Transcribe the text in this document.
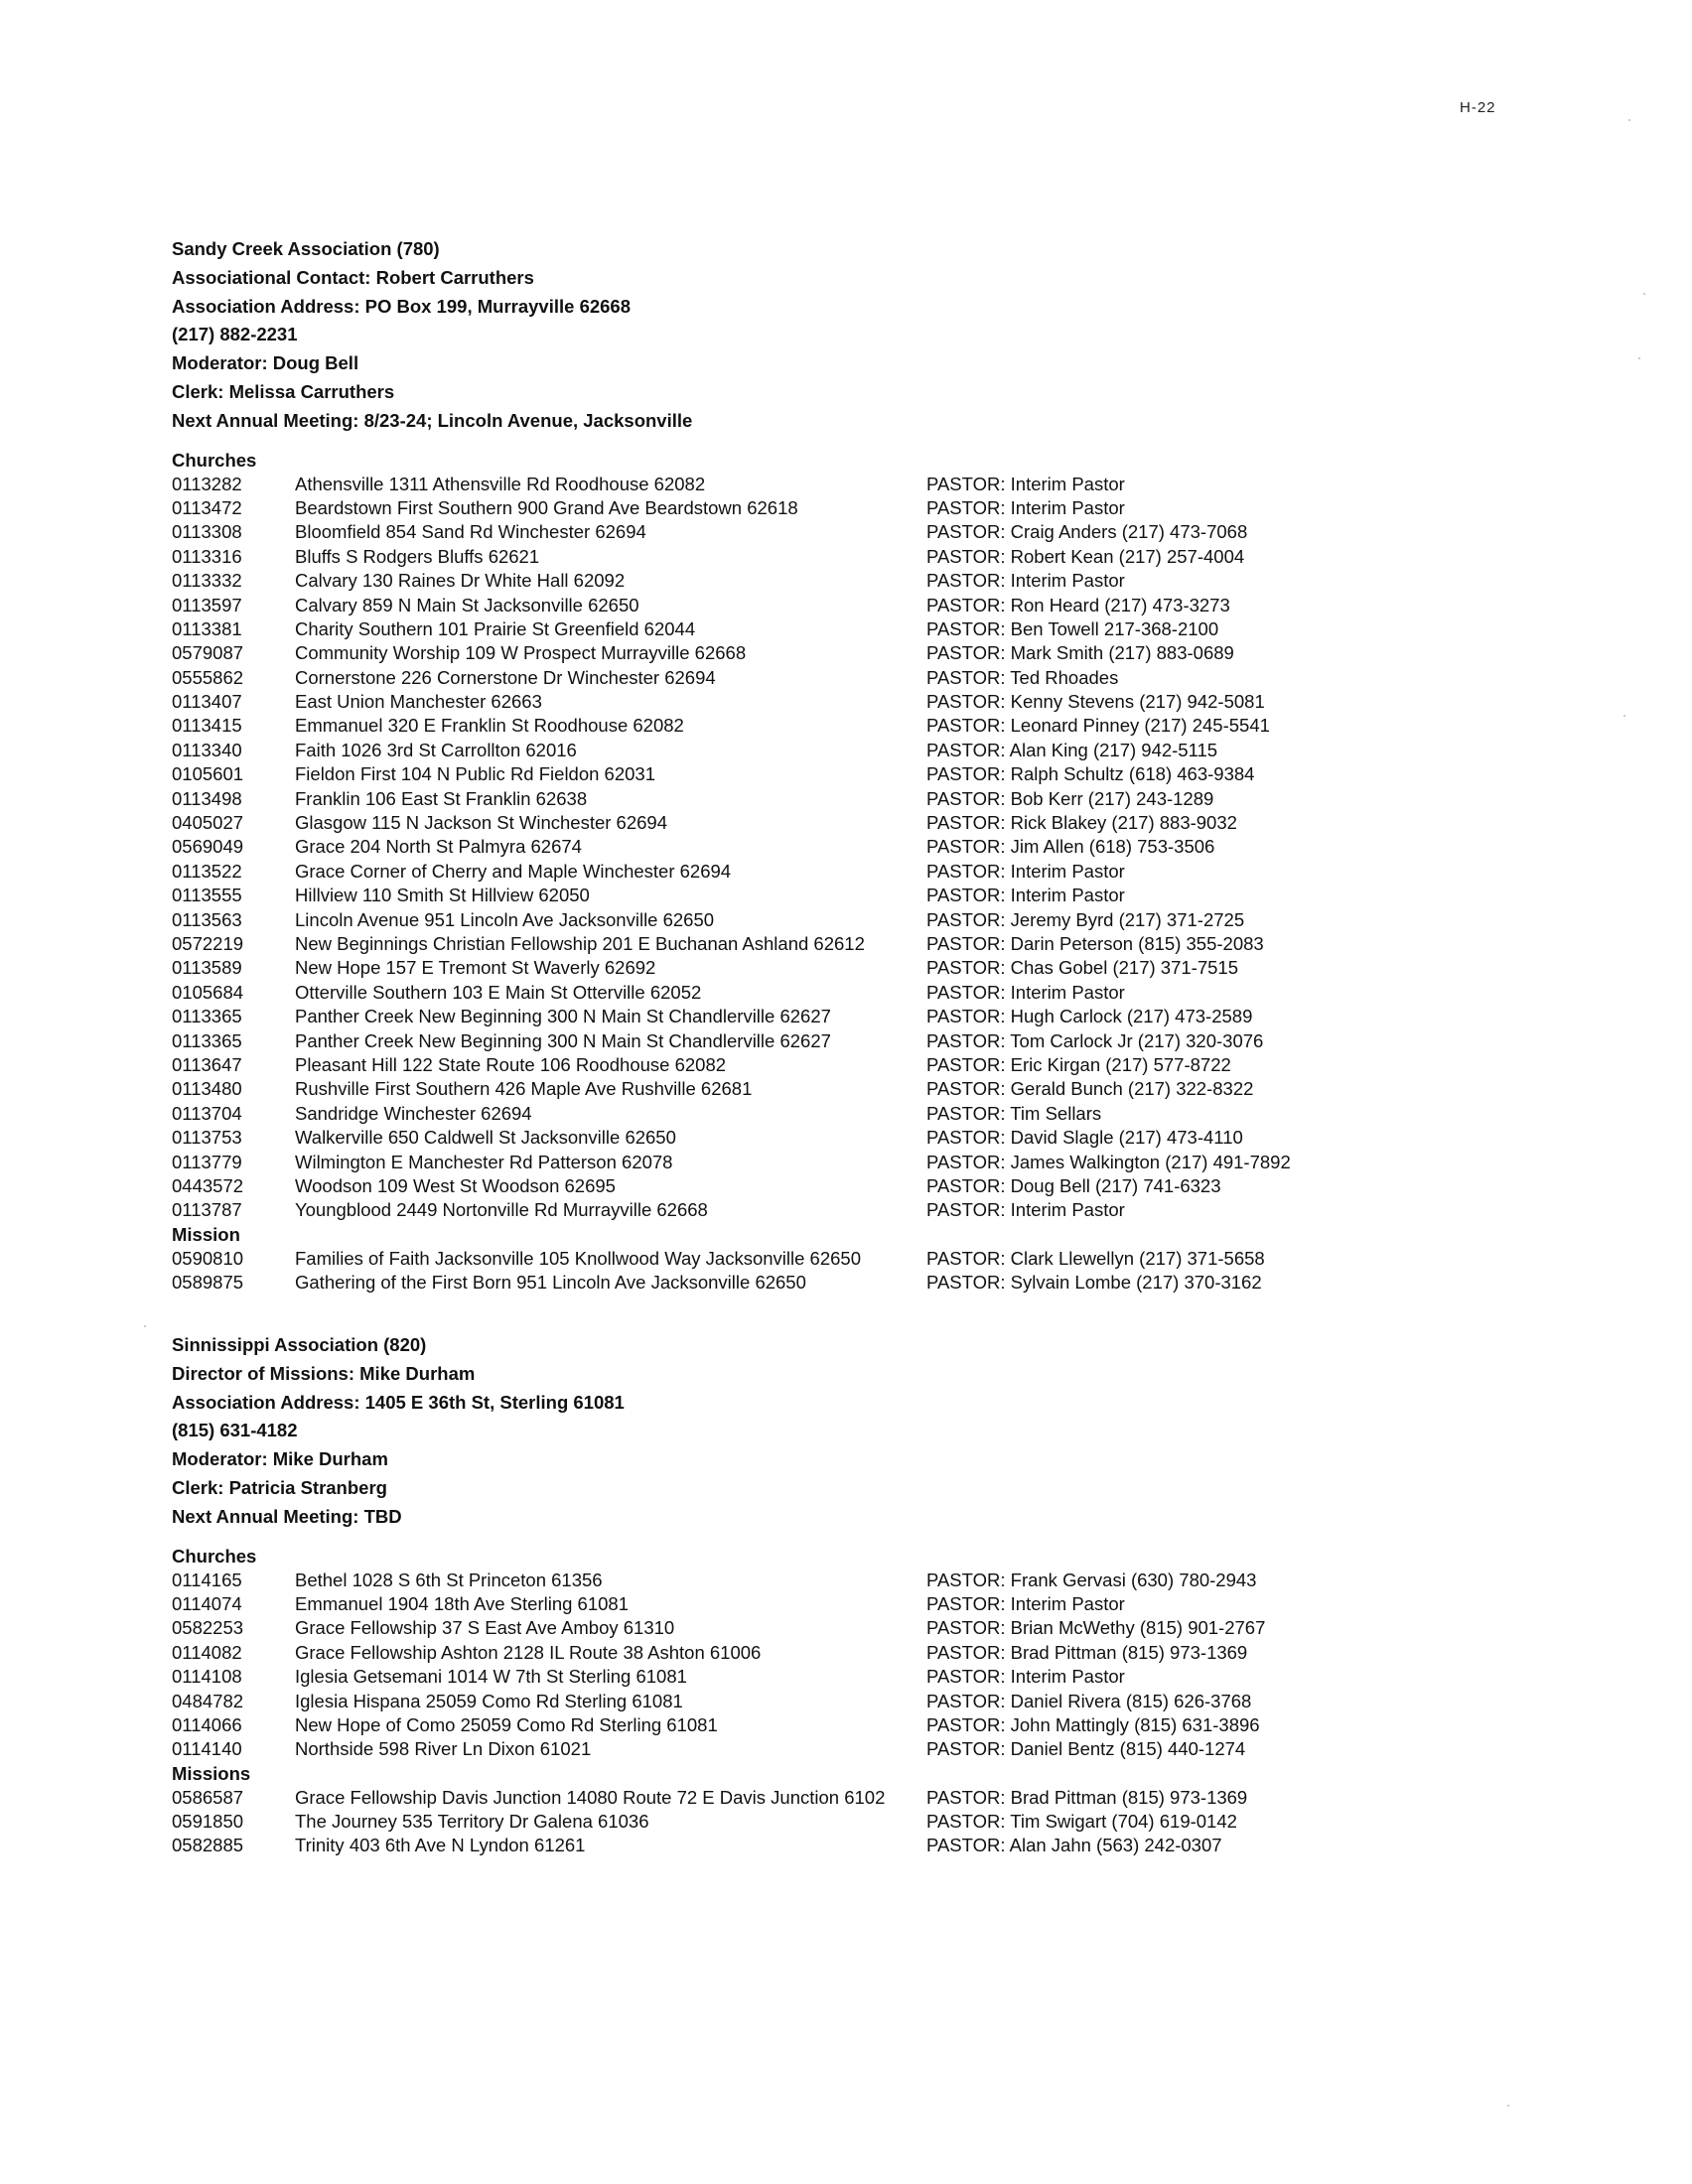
H-22
Sandy Creek Association (780)
Associational Contact: Robert Carruthers
Association Address: PO Box 199, Murrayville 62668
(217) 882-2231
Moderator: Doug Bell
Clerk: Melissa Carruthers
Next Annual Meeting: 8/23-24; Lincoln Avenue, Jacksonville
Churches
0113282	Athensville 1311 Athensville Rd Roodhouse 62082	PASTOR: Interim Pastor
0113472	Beardstown First Southern 900 Grand Ave Beardstown 62618	PASTOR: Interim Pastor
0113308	Bloomfield 854 Sand Rd Winchester 62694	PASTOR: Craig Anders (217) 473-7068
0113316	Bluffs S Rodgers Bluffs 62621	PASTOR: Robert Kean (217) 257-4004
0113332	Calvary 130 Raines Dr White Hall 62092	PASTOR: Interim Pastor
0113597	Calvary 859 N Main St Jacksonville 62650	PASTOR: Ron Heard (217) 473-3273
0113381	Charity Southern 101 Prairie St Greenfield 62044	PASTOR: Ben Towell 217-368-2100
0579087	Community Worship 109 W Prospect Murrayville 62668	PASTOR: Mark Smith (217) 883-0689
0555862	Cornerstone 226 Cornerstone Dr Winchester 62694	PASTOR: Ted Rhoades
0113407	East Union Manchester 62663	PASTOR: Kenny Stevens (217) 942-5081
0113415	Emmanuel 320 E Franklin St Roodhouse 62082	PASTOR: Leonard Pinney (217) 245-5541
0113340	Faith 1026 3rd St Carrollton 62016	PASTOR: Alan King (217) 942-5115
0105601	Fieldon First 104 N Public Rd Fieldon 62031	PASTOR: Ralph Schultz (618) 463-9384
0113498	Franklin 106 East St Franklin 62638	PASTOR: Bob Kerr (217) 243-1289
0405027	Glasgow 115 N Jackson St Winchester 62694	PASTOR: Rick Blakey (217) 883-9032
0569049	Grace 204 North St Palmyra 62674	PASTOR: Jim Allen (618) 753-3506
0113522	Grace Corner of Cherry and Maple Winchester 62694	PASTOR: Interim Pastor
0113555	Hillview 110 Smith St Hillview 62050	PASTOR: Interim Pastor
0113563	Lincoln Avenue 951 Lincoln Ave Jacksonville 62650	PASTOR: Jeremy Byrd (217) 371-2725
0572219	New Beginnings Christian Fellowship 201 E Buchanan Ashland 62612	PASTOR: Darin Peterson (815) 355-2083
0113589	New Hope 157 E Tremont St Waverly 62692	PASTOR: Chas Gobel (217) 371-7515
0105684	Otterville Southern 103 E Main St Otterville 62052	PASTOR: Interim Pastor
0113365	Panther Creek New Beginning 300 N Main St Chandlerville 62627	PASTOR: Hugh Carlock (217) 473-2589
0113365	Panther Creek New Beginning 300 N Main St Chandlerville 62627	PASTOR: Tom Carlock Jr (217) 320-3076
0113647	Pleasant Hill 122 State Route 106 Roodhouse 62082	PASTOR: Eric Kirgan (217) 577-8722
0113480	Rushville First Southern 426 Maple Ave Rushville 62681	PASTOR: Gerald Bunch (217) 322-8322
0113704	Sandridge Winchester 62694	PASTOR: Tim Sellars
0113753	Walkerville 650 Caldwell St Jacksonville 62650	PASTOR: David Slagle (217) 473-4110
0113779	Wilmington E Manchester Rd Patterson 62078	PASTOR: James Walkington (217) 491-7892
0443572	Woodson 109 West St Woodson 62695	PASTOR: Doug Bell (217) 741-6323
0113787	Youngblood 2449 Nortonville Rd Murrayville 62668	PASTOR: Interim Pastor
Mission
0590810	Families of Faith Jacksonville 105 Knollwood Way Jacksonville 62650	PASTOR: Clark Llewellyn (217) 371-5658
0589875	Gathering of the First Born 951 Lincoln Ave Jacksonville 62650	PASTOR: Sylvain Lombe (217) 370-3162
Sinnissippi Association (820)
Director of Missions: Mike Durham
Association Address: 1405 E 36th St, Sterling 61081
(815) 631-4182
Moderator: Mike Durham
Clerk: Patricia Stranberg
Next Annual Meeting: TBD
Churches
0114165	Bethel 1028 S 6th St Princeton 61356	PASTOR: Frank Gervasi (630) 780-2943
0114074	Emmanuel 1904 18th Ave Sterling 61081	PASTOR: Interim Pastor
0582253	Grace Fellowship 37 S East Ave Amboy 61310	PASTOR: Brian McWethy (815) 901-2767
0114082	Grace Fellowship Ashton 2128 IL Route 38 Ashton 61006	PASTOR: Brad Pittman (815) 973-1369
0114108	Iglesia Getsemani 1014 W 7th St Sterling 61081	PASTOR: Interim Pastor
0484782	Iglesia Hispana 25059 Como Rd Sterling 61081	PASTOR: Daniel Rivera (815) 626-3768
0114066	New Hope of Como 25059 Como Rd Sterling 61081	PASTOR: John Mattingly (815) 631-3896
0114140	Northside 598 River Ln Dixon 61021	PASTOR: Daniel Bentz (815) 440-1274
Missions
0586587	Grace Fellowship Davis Junction 14080 Route 72 E Davis Junction 6102	PASTOR: Brad Pittman (815) 973-1369
0591850	The Journey 535 Territory Dr Galena 61036	PASTOR: Tim Swigart (704) 619-0142
0582885	Trinity 403 6th Ave N Lyndon 61261	PASTOR: Alan Jahn (563) 242-0307
